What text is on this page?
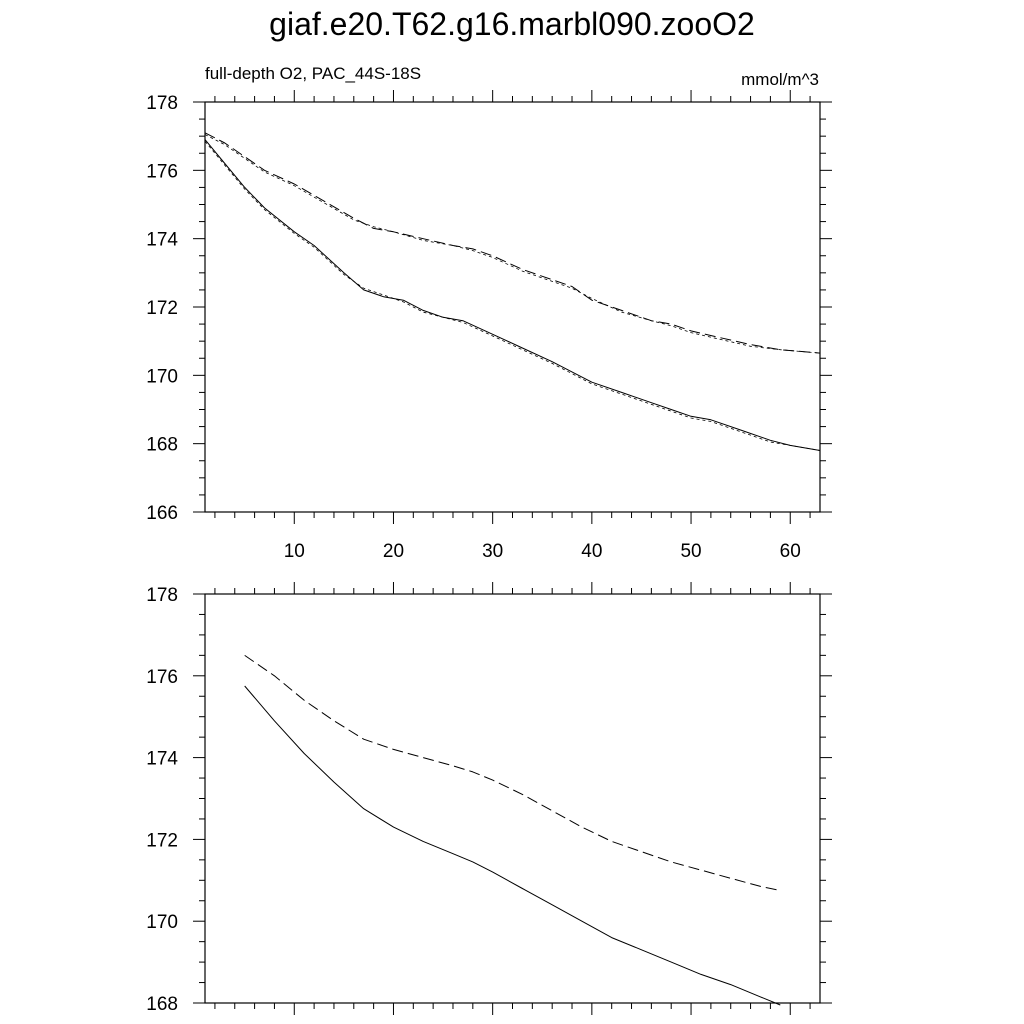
giaf.e20.T62.g16.marbl090.zooO2
full-depth O2, PAC_44S-18S	mmol/m^3
166
168
170
172
174
176
178
10	20	30	40	50	60
168
170
172
174
176
178
